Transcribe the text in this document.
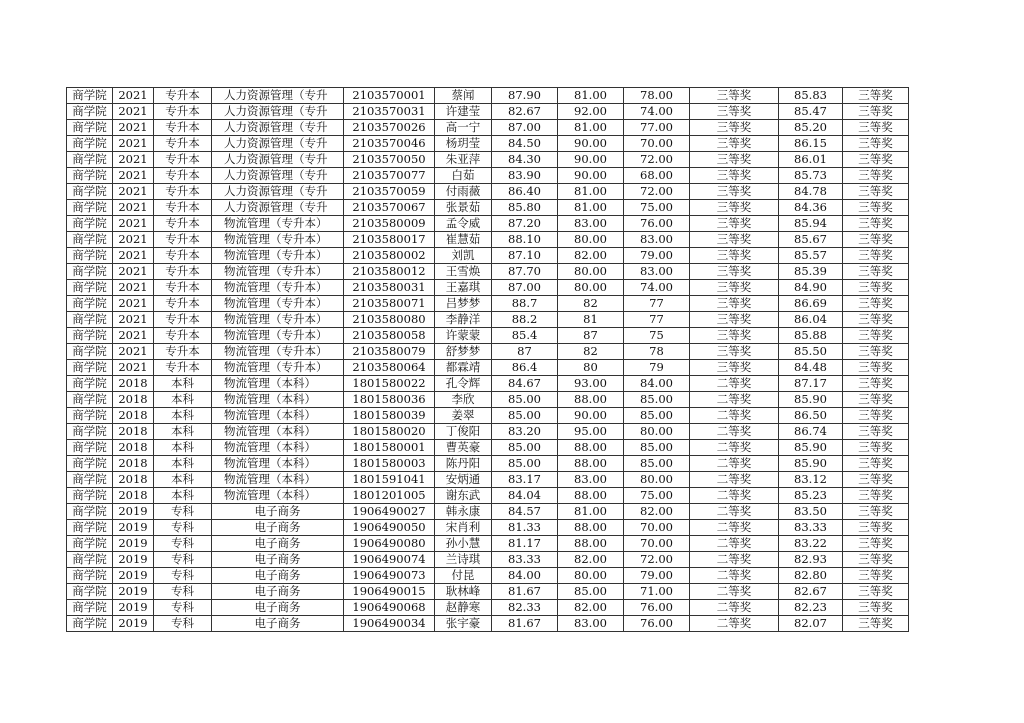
商学院	2021	专升本	人力资源管理（专升	2103570001	蔡闻	87.90	81.00	78.00	三等奖	85.83	三等奖
商学院	2021	专升本	人力资源管理（专升	2103570031	许建莹	82.67	92.00	74.00	三等奖	85.47	三等奖
商学院	2021	专升本	人力资源管理（专升	2103570026	高一宁	87.00	81.00	77.00	三等奖	85.20	三等奖
商学院	2021	专升本	人力资源管理（专升	2103570046	杨玥莹	84.50	90.00	70.00	三等奖	86.15	三等奖
商学院	2021	专升本	人力资源管理（专升	2103570050	朱亚萍	84.30	90.00	72.00	三等奖	86.01	三等奖
商学院	2021	专升本	人力资源管理（专升	2103570077	白茹	83.90	90.00	68.00	三等奖	85.73	三等奖
商学院	2021	专升本	人力资源管理（专升	2103570059	付雨薇	86.40	81.00	72.00	三等奖	84.78	三等奖
商学院	2021	专升本	人力资源管理（专升	2103570067	张景茹	85.80	81.00	75.00	三等奖	84.36	三等奖
商学院	2021	专升本	物流管理（专升本）	2103580009	孟令威	87.20	83.00	76.00	三等奖	85.94	三等奖
商学院	2021	专升本	物流管理（专升本）	2103580017	崔慧茹	88.10	80.00	83.00	三等奖	85.67	三等奖
商学院	2021	专升本	物流管理（专升本）	2103580002	刘凯	87.10	82.00	79.00	三等奖	85.57	三等奖
商学院	2021	专升本	物流管理（专升本）	2103580012	王雪焕	87.70	80.00	83.00	三等奖	85.39	三等奖
商学院	2021	专升本	物流管理（专升本）	2103580031	王嘉琪	87.00	80.00	74.00	三等奖	84.90	三等奖
商学院	2021	专升本	物流管理（专升本）	2103580071	吕梦梦	88.7	82	77	三等奖	86.69	三等奖
商学院	2021	专升本	物流管理（专升本）	2103580080	李静洋	88.2	81	77	三等奖	86.04	三等奖
商学院	2021	专升本	物流管理（专升本）	2103580058	许蒙蒙	85.4	87	75	三等奖	85.88	三等奖
商学院	2021	专升本	物流管理（专升本）	2103580079	舒梦梦	87	82	78	三等奖	85.50	三等奖
商学院	2021	专升本	物流管理（专升本）	2103580064	都霖靖	86.4	80	79	三等奖	84.48	三等奖
商学院	2018	本科	物流管理（本科）	1801580022	孔令辉	84.67	93.00	84.00	二等奖	87.17	三等奖
商学院	2018	本科	物流管理（本科）	1801580036	李欣	85.00	88.00	85.00	二等奖	85.90	三等奖
商学院	2018	本科	物流管理（本科）	1801580039	姜翠	85.00	90.00	85.00	二等奖	86.50	三等奖
商学院	2018	本科	物流管理（本科）	1801580020	丁俊阳	83.20	95.00	80.00	二等奖	86.74	三等奖
商学院	2018	本科	物流管理（本科）	1801580001	曹英豪	85.00	88.00	85.00	二等奖	85.90	三等奖
商学院	2018	本科	物流管理（本科）	1801580003	陈丹阳	85.00	88.00	85.00	二等奖	85.90	三等奖
商学院	2018	本科	物流管理（本科）	1801591041	安炳通	83.17	83.00	80.00	二等奖	83.12	三等奖
商学院	2018	本科	物流管理（本科）	1801201005	谢东武	84.04	88.00	75.00	二等奖	85.23	三等奖
商学院	2019	专科	电子商务	1906490027	韩永康	84.57	81.00	82.00	二等奖	83.50	三等奖
商学院	2019	专科	电子商务	1906490050	宋肖利	81.33	88.00	70.00	二等奖	83.33	三等奖
商学院	2019	专科	电子商务	1906490080	孙小慧	81.17	88.00	70.00	二等奖	83.22	三等奖
商学院	2019	专科	电子商务	1906490074	兰诗琪	83.33	82.00	72.00	二等奖	82.93	三等奖
商学院	2019	专科	电子商务	1906490073	付昆	84.00	80.00	79.00	二等奖	82.80	三等奖
商学院	2019	专科	电子商务	1906490015	耿林峰	81.67	85.00	71.00	二等奖	82.67	三等奖
商学院	2019	专科	电子商务	1906490068	赵静寒	82.33	82.00	76.00	二等奖	82.23	三等奖
商学院	2019	专科	电子商务	1906490034	张宇豪	81.67	83.00	76.00	二等奖	82.07	三等奖
